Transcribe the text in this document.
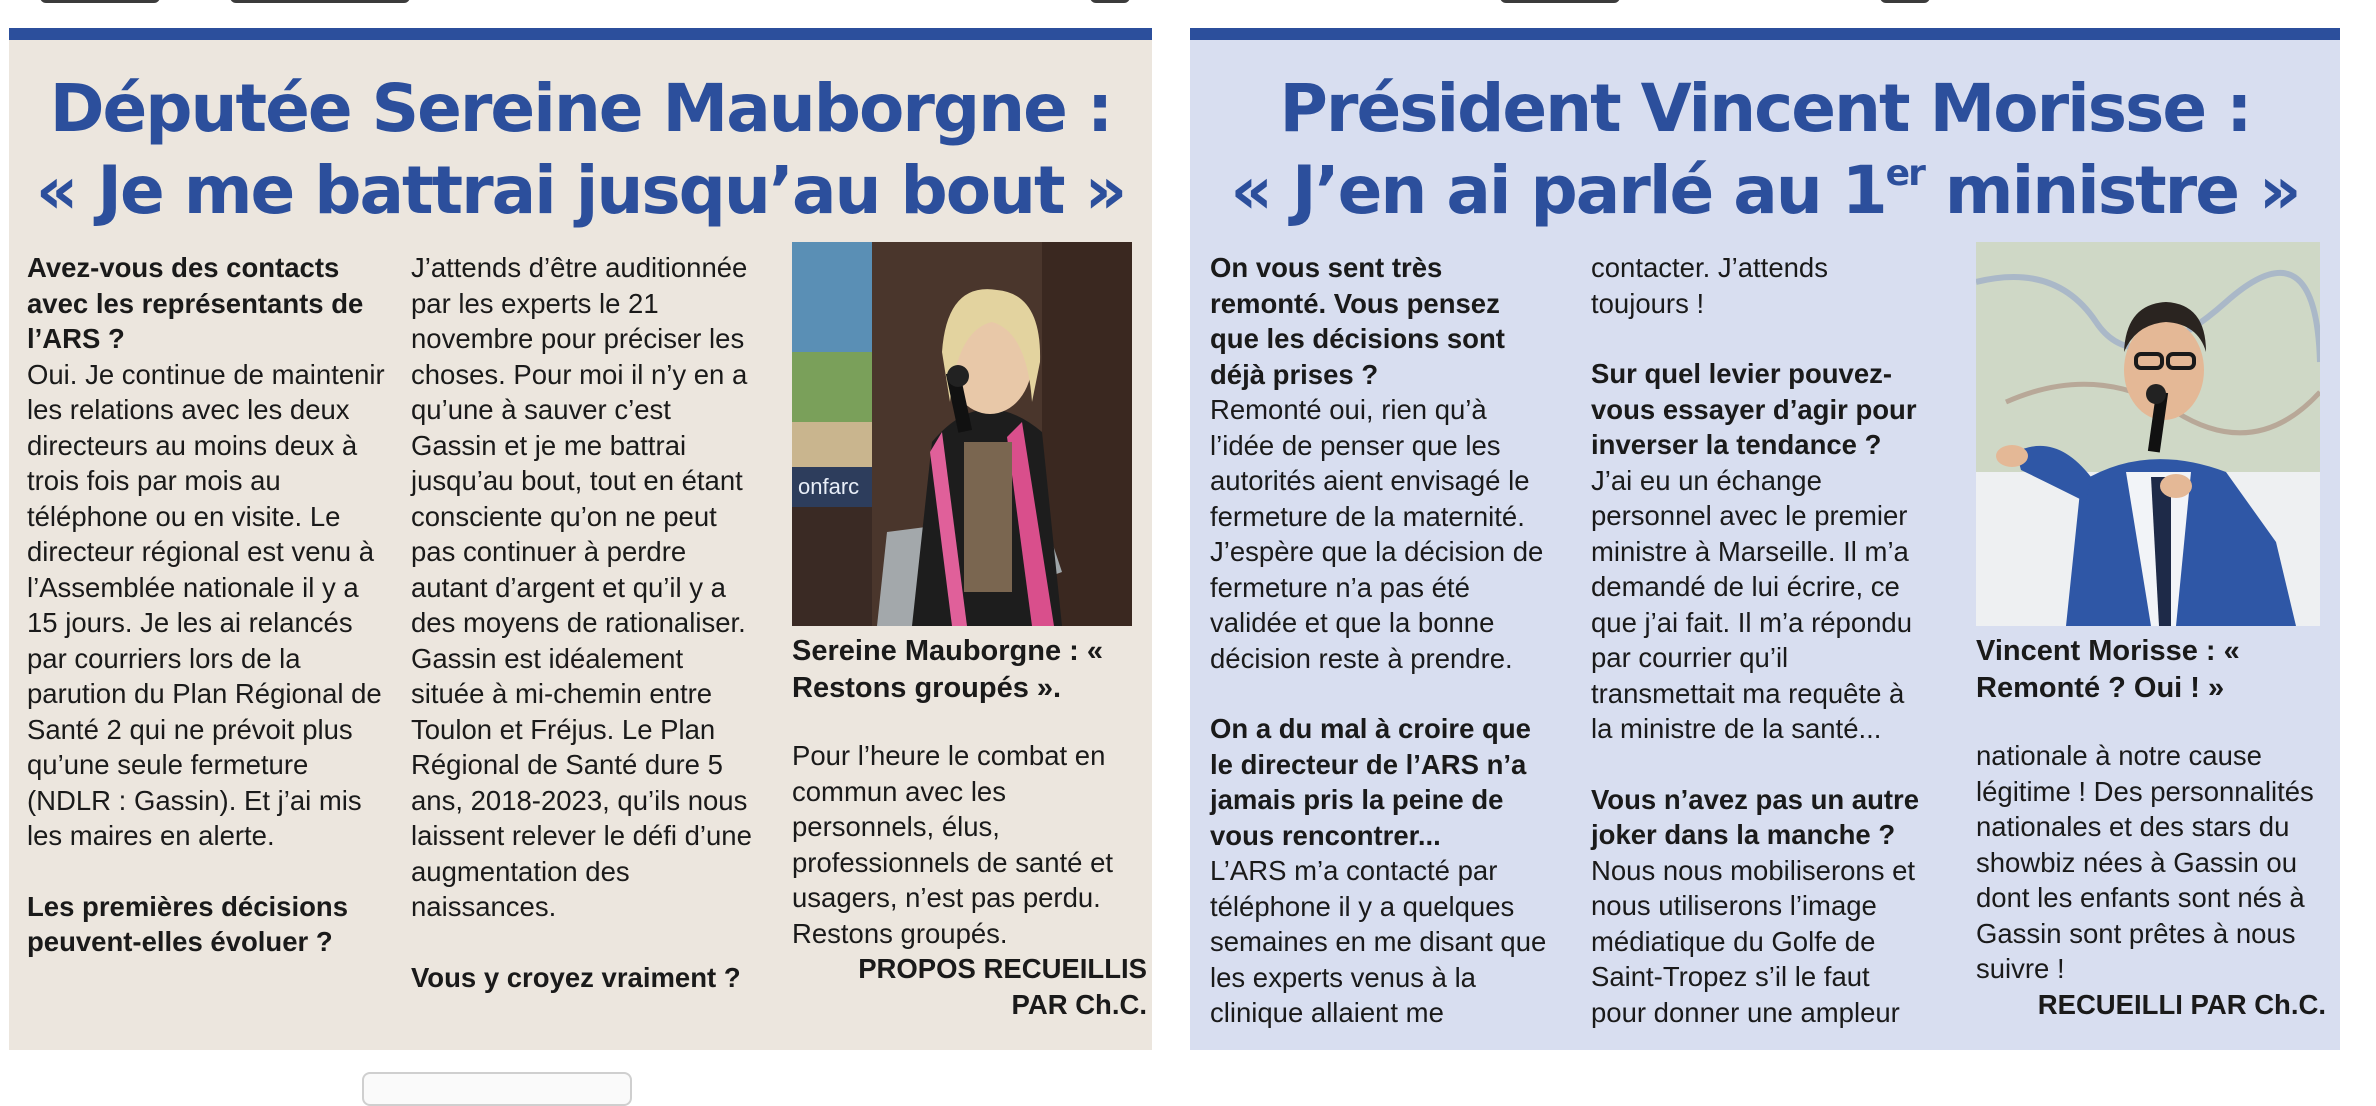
Députée Sereine Mauborgne :
« Je me battrai jusqu’au bout »

Avez-vous des contacts avec les représentants de l’ARS ?

Oui. Je continue de maintenir les relations avec les deux directeurs au moins deux à trois fois par mois au téléphone ou en visite. Le directeur régional est venu à l’Assemblée nationale il y a 15 jours. Je les ai relancés par courriers lors de la parution du Plan Régional de Santé 2 qui ne prévoit plus qu’une seule fermeture (NDLR : Gassin). Et j’ai mis les maires en alerte.

Les premières décisions peuvent-elles évoluer ?

J’attends d’être auditionnée par les experts le 21 novembre pour préciser les choses. Pour moi il n’y en a qu’une à sauver c’est Gassin et je me battrai jusqu’au bout, tout en étant consciente qu’on ne peut pas continuer à perdre autant d’argent et qu’il y a des moyens de rationaliser. Gassin est idéalement située à mi-chemin entre Toulon et Fréjus. Le Plan Régional de Santé dure 5 ans, 2018-2023, qu’ils nous laissent relever le défi d’une augmentation des naissances.

Vous y croyez vraiment ?

onfarc
Sereine Mauborgne : « Restons groupés ».

Pour l’heure le combat en commun avec les personnels, élus, professionnels de santé et usagers, n’est pas perdu. Restons groupés.

PROPOS RECUEILLIS

PAR Ch.C.

Président Vincent Morisse :
« J’en ai parlé au 1er ministre »

On vous sent très remonté. Vous pensez que les décisions sont déjà prises ?

Remonté oui, rien qu’à l’idée de penser que les autorités aient envisagé le fermeture de la maternité. J’espère que la décision de fermeture n’a pas été validée et que la bonne décision reste à prendre.

On a du mal à croire que le directeur de l’ARS n’a jamais pris la peine de vous rencontrer...

L’ARS m’a contacté par téléphone il y a quelques semaines en me disant que les experts venus à la clinique allaient me

contacter. J’attends toujours !

Sur quel levier pouvez-vous essayer d’agir pour inverser la tendance ?

J’ai eu un échange personnel avec le premier ministre à Marseille. Il m’a demandé de lui écrire, ce que j’ai fait. Il m’a répondu par courrier qu’il transmettait ma requête à la ministre de la santé...

Vous n’avez pas un autre joker dans la manche ?

Nous nous mobiliserons et nous utiliserons l’image médiatique du Golfe de Saint-Tropez s’il le faut pour donner une ampleur

Vincent Morisse : « Remonté ? Oui ! »

nationale à notre cause légitime ! Des personnalités nationales et des stars du showbiz nées à Gassin ou dont les enfants sont nés à Gassin sont prêtes à nous suivre !

RECUEILLI PAR Ch.C.
